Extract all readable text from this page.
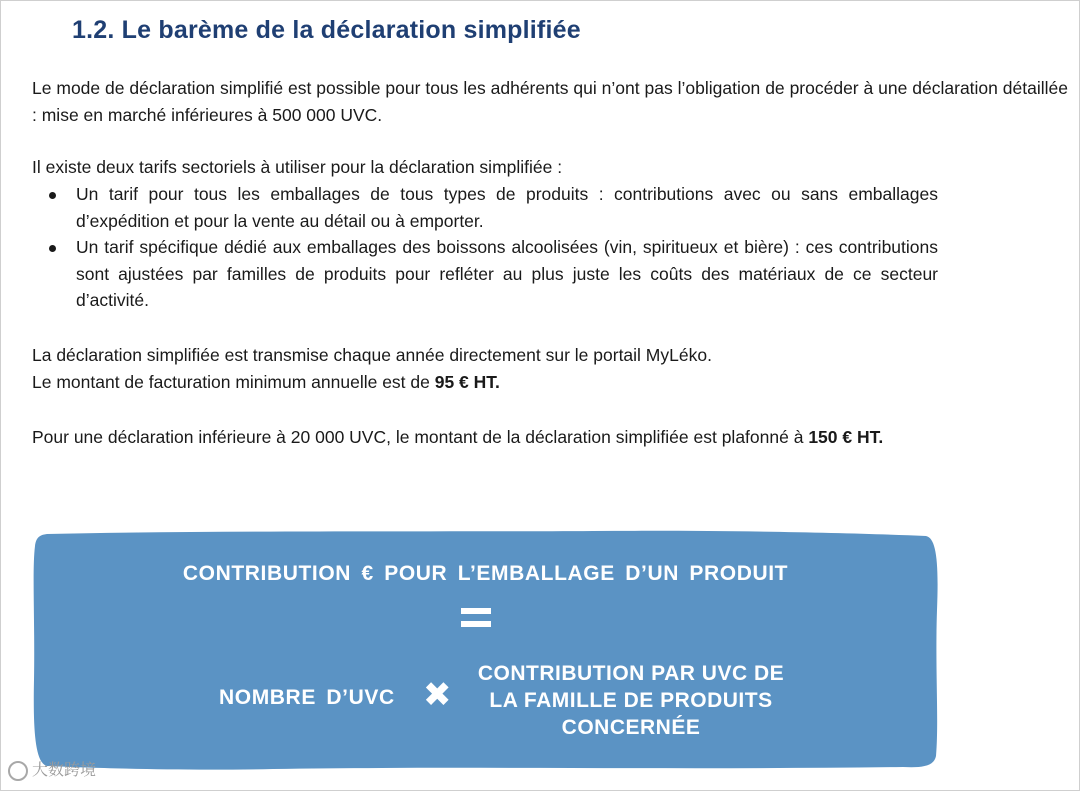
1.2. Le barème de la déclaration simplifiée

Le mode de déclaration simplifié est possible pour tous les adhérents qui n’ont pas l’obligation de procéder à une déclaration détaillée : mise en marché inférieures à 500 000 UVC.

Il existe deux tarifs sectoriels à utiliser pour la déclaration simplifiée :

Un tarif pour tous les emballages de tous types de produits : contributions avec ou sans emballages d’expédition et pour la vente au détail ou à emporter.
Un tarif spécifique dédié aux emballages des boissons alcoolisées (vin, spiritueux et bière) : ces contributions sont ajustées par familles de produits pour refléter au plus juste les coûts des matériaux de ce secteur d’activité.

La déclaration simplifiée est transmise chaque année directement sur le portail MyLéko.

Le montant de facturation minimum annuelle est de 95 € HT.

Pour une déclaration inférieure à 20 000 UVC, le montant de la déclaration simplifiée est plafonné à 150 € HT.

CONTRIBUTION € POUR L’EMBALLAGE D’UN PRODUIT
NOMBRE D’UVC ✖
CONTRIBUTION PAR UVC DE
LA FAMILLE DE PRODUITS
CONCERNÉE
大数跨境
